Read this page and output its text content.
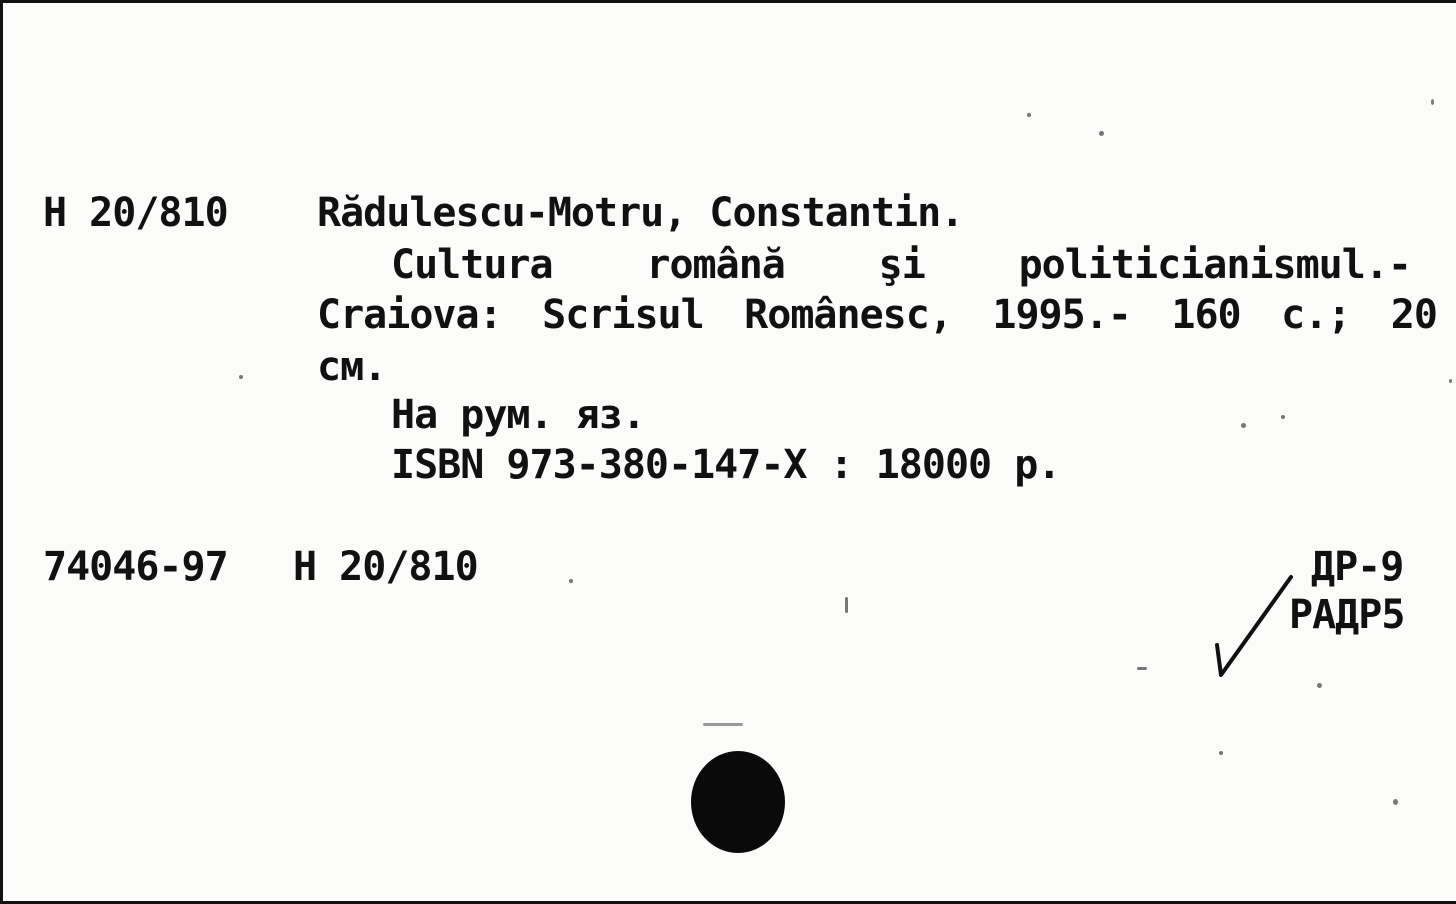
H 20/810 Rădulescu-Motru, Constantin.
Cultura română şi politicianismul.-
Craiova: Scrisul Românesc, 1995.- 160 с.; 20
см.
На рум. яз.
ISBN 973-380-147-X : 18000 р.
74046-97 H 20/810	ДР-9
РАДР5
